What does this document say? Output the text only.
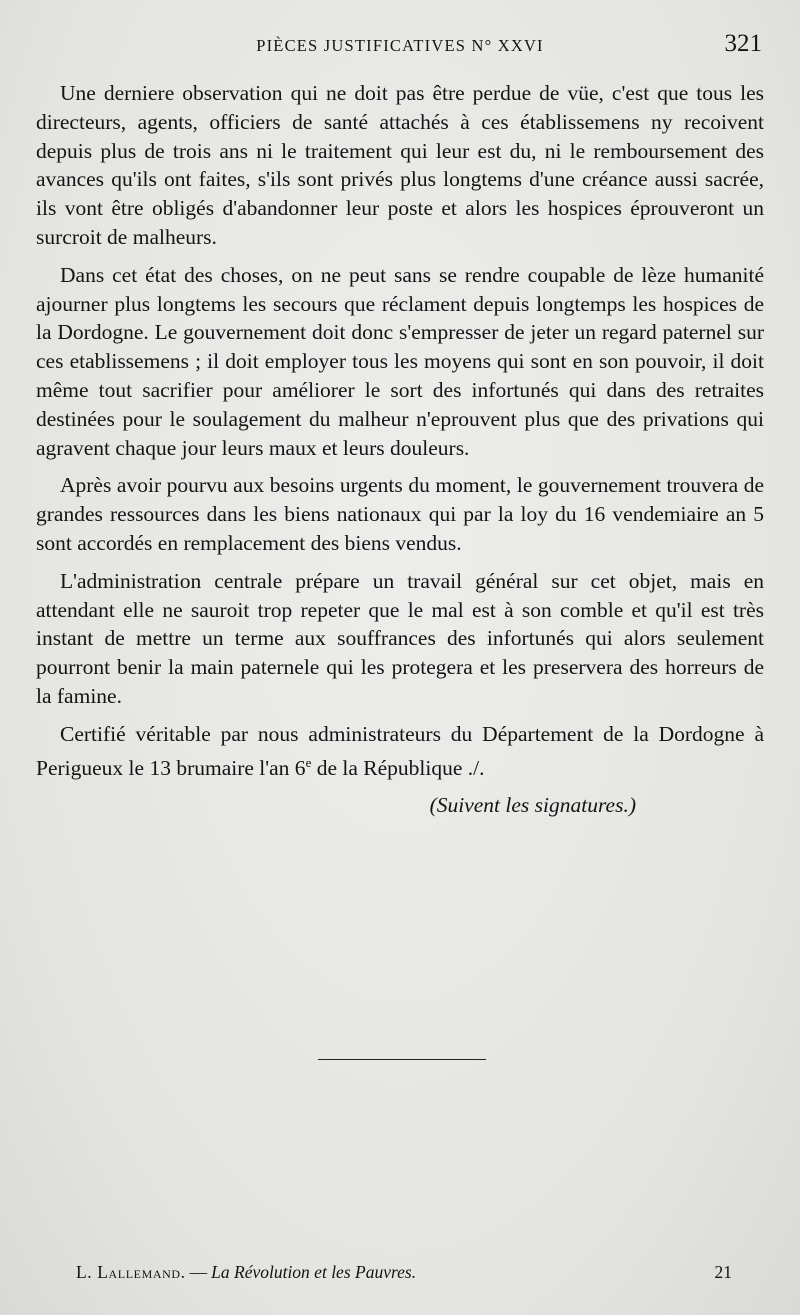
PIÈCES JUSTIFICATIVES N° XXVI	321

Une derniere observation qui ne doit pas être perdue de vüe, c'est que tous les directeurs, agents, officiers de santé attachés à ces établissemens ny recoivent depuis plus de trois ans ni le traitement qui leur est du, ni le remboursement des avances qu'ils ont faites, s'ils sont privés plus longtems d'une créance aussi sacrée, ils vont être obligés d'abandonner leur poste et alors les hospices éprouveront un surcroit de malheurs.

Dans cet état des choses, on ne peut sans se rendre coupable de lèze humanité ajourner plus longtems les secours que réclament depuis longtemps les hospices de la Dordogne. Le gouvernement doit donc s'empresser de jeter un regard paternel sur ces etablissemens ; il doit employer tous les moyens qui sont en son pouvoir, il doit même tout sacrifier pour améliorer le sort des infortunés qui dans des retraites destinées pour le soulagement du malheur n'eprouvent plus que des privations qui agravent chaque jour leurs maux et leurs douleurs.

Après avoir pourvu aux besoins urgents du moment, le gouvernement trouvera de grandes ressources dans les biens nationaux qui par la loy du 16 vendemiaire an 5 sont accordés en remplacement des biens vendus.

L'administration centrale prépare un travail général sur cet objet, mais en attendant elle ne sauroit trop repeter que le mal est à son comble et qu'il est très instant de mettre un terme aux souffrances des infortunés qui alors seulement pourront benir la main paternele qui les protegera et les preservera des horreurs de la famine.

Certifié véritable par nous administrateurs du Département de la Dordogne à Perigueux le 13 brumaire l'an 6e de la République ./.

(Suivent les signatures.)
L. Lallemand. — La Révolution et les Pauvres.	21
